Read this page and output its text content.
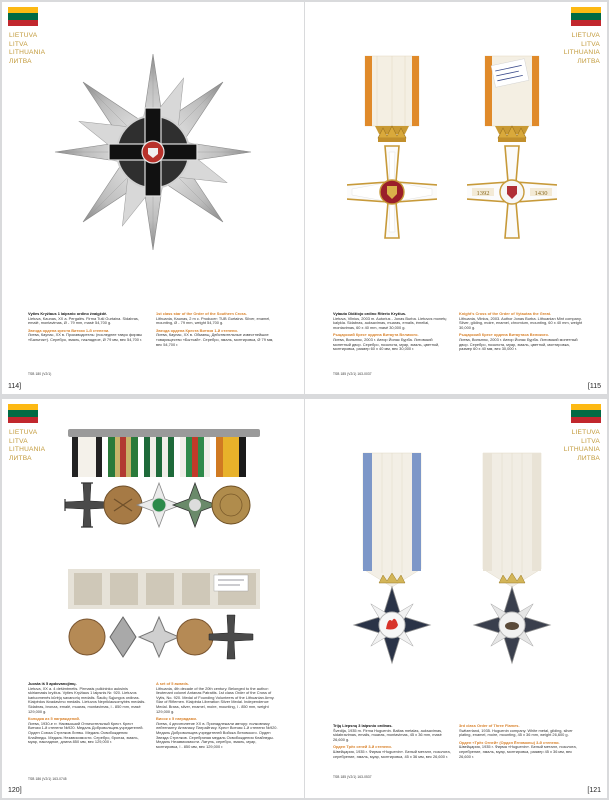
LIETUVA
LITVA
LITHUANIA
ЛИТВА
Vyties Kryžiaus 1 laipsnio ordino žvaigždė.
Lietuva, Kaunas, XX a. Pergalės. Firma Tušl Gurtaina. Sidabras, emalė, montavimas, Ø - 79 mm, masė 54,700 g.
Звезда ордена креста Витязя 1-й степени.
Литва, Каунас, XX в. Производитель: (последнее тавро фирмы «Бальтик»). Серебро, эмаль, накладное, Ø 79 мм, вес 54,700 г.
1st class star of the Order of the Southern Cross.
Lithuania, Kaunas, 2 m c. Producer: TUB Gurtaina. Silver, enamel, mounting, Ø - 79 mm, weight 54,700 g.
Звезда ордена Креста Витязя 1-й степени.
Литва, Каунас, XX в. Обманщ. Действительные известнейшие товарищество «Бытчай». Серебро, эмаль, монтировка, Ø 79 мм, вес 54,700 г.
TSB 180 (V2/1)
114]
LIETUVA
LITVA
LITHUANIA
ЛИТВА
1392	1430
Vytauto Didžiojo ordino Riterio Kryžius.
Lietuva, Vilnius, 2003 m. Autorius - Jonas Burba. Lietuvos monetų kalykla. Sidabras, auksavimas, muaras, emalis, ėmeliai, montavimas, 60 x 40 mm, masė 30,000 g.
Рыцарский Крест ордена Витаута Великого.
Литва, Вильнюс, 2003 г. Автор Йонас Бурба. Литовский монетный двор. Серебро, позолота, муар, эмаль, цветной, монтировка, размер 60 x 40 мм, вес 30,000 г.
Knight's Cross of the Order of Vytautas the Great.
Lithuania, Vilnius, 2003. Author Jonas Burba. Lithuanian Mint company. Silver, gilding, moire, enamel, chromium, mounting, 60 x 40 mm, weight 30,000 g.
Рыцарский Крест ордена Витаутаса Великого.
Литва, Вильнюс, 2003 г. Автор Йонас Бурба. Литовский монетный двор. Серебро, позолота, муар, эмаль, цветной, монтировка, размер 60 x 40 мм, вес 30,000 г.
TSB 185 (V2/1) 163-0037
[115
LIETUVA
LITVA
LITHUANIA
ЛИТВА
Juosta iš 5 apdovanojimų.
Lietuva, XX a. 4 dešimtmetis. Pirmasis pulkininko auksinis skiriamasis kryžius. Vyties Kryžiaus 1 laipsnis Nr. 920. Lietuvos kariuomenės kūrėjų savanorių medalis. Šaulių Sąjungos ordinas. Klaipėdos išvadavimo medalis. Lietuvos Nepriklausomybės medalis. Sidabras, bronza, emalė, muaras, montavimas, l - 850 mm, masė 129,000 g.
Колодка из 5 награждений.
Литва, 1930-е гг. Наивысший Отличительный Крест. Крест Витязя 1-й степени №920. Медаль Добровольцев-учредителей. Орден Союза Стрелков Литвы. Медаль Освобождения Клайпеды. Медаль Независимости. Серебро, бронза, эмаль, муар, накладное, длина 850 мм, вес 129,000 г.
A set of 5 awards.
Lithuania, 4th decade of the 20th century. Belonged to the author: lieutenant colonel Antanas Patraitis. 1st class Order of the Cross of Vytis, No. 920. Medal of Founding Volunteers of the Lithuanian Army. Star of Riflemen. Klaipėda Liberation Silver Medal. Independence Medal. Brass, silver, enamel, moire, mounting, l - 850 mm, weight 129,000 g.
Висок с 5 наградами.
Литва, 4 десятилетие XX в. Принадлежали автору: полковнику лейтенанту Антанасу Патрайтису. Крест Витязя 1-й степени №920. Медаль Добровольцев-учредителей Войска Литовского. Орден Звезда Стрелков. Серебряная медаль Освобождения Клайпеды. Медаль Независимости. Латунь, серебро, эмаль, муар, монтировка, l - 850 мм, вес 129,000 г.
TSB 186 (V2/1) 163-0745
120]
LIETUVA
LITVA
LITHUANIA
ЛИТВА
Trijų Liepsnų 3 laipsnio ordinas.
Švedija, 1935 m. Firma Huguenin. Baltas metalas, auksavimas, sidabravimas, emalis, muaras, montavimas, 45 x 36 mm, masė 26,600 g.
Орден Трёх огней 3-й степени.
Швейцария, 1935 г. Фирма «Huguenin». Белый металл, позолота, серебрение, эмаль, муар, монтировка, 45 x 36 мм, вес 26,600 г.
3rd class Order of Three Flames.
Switzerland, 1935. Huguenin company. White metal, gilding, silver plating, enamel, moire, mounting, 45 x 36 mm, weight 26,600 g.
Орден «Трёх Огней» (Ордэн Ёгнямоны) 3-й степени.
Швейцария, 1935 г. Фирма «Huguenin». Белый металл, позолота, серебрение, эмаль, муар, монтировка, размер 45 x 36 мм, вес 26,600 г.
TSB 185 (V2/1) 163-0537
[121
